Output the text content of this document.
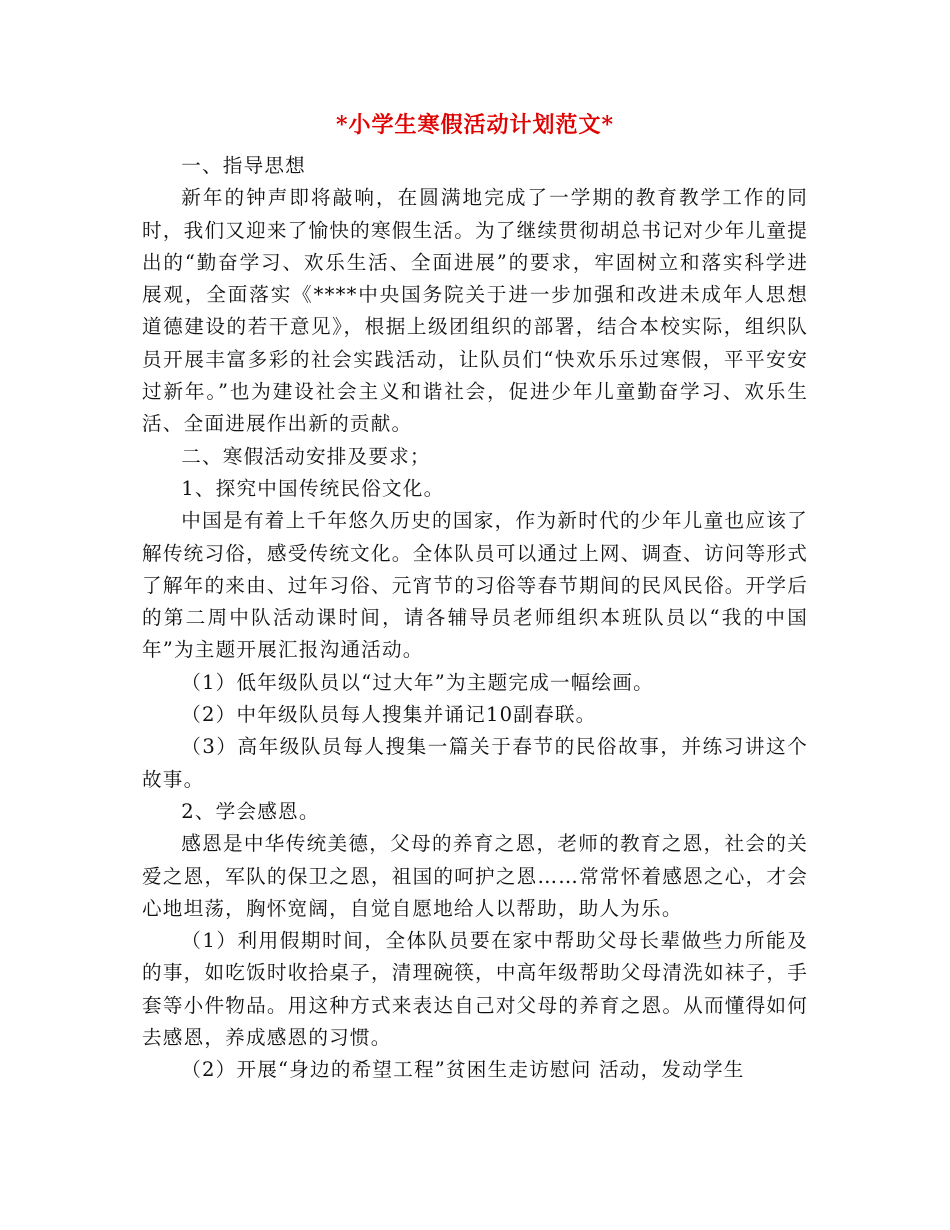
*小学生寒假活动计划范文*

一、指导思想

新年的钟声即将敲响，在圆满地完成了一学期的教育教学工作的同时，我们又迎来了愉快的寒假生活。为了继续贯彻胡总书记对少年儿童提出的“勤奋学习、欢乐生活、全面进展”的要求，牢固树立和落实科学进展观，全面落实《****中央国务院关于进一步加强和改进未成年人思想道德建设的若干意见》，根据上级团组织的部署，结合本校实际，组织队员开展丰富多彩的社会实践活动，让队员们“快欢乐乐过寒假，平平安安过新年。”也为建设社会主义和谐社会，促进少年儿童勤奋学习、欢乐生活、全面进展作出新的贡献。

二、寒假活动安排及要求；

1、探究中国传统民俗文化。

中国是有着上千年悠久历史的国家，作为新时代的少年儿童也应该了解传统习俗，感受传统文化。全体队员可以通过上网、调查、访问等形式了解年的来由、过年习俗、元宵节的习俗等春节期间的民风民俗。开学后的第二周中队活动课时间，请各辅导员老师组织本班队员以“我的中国年”为主题开展汇报沟通活动。

（1）低年级队员以“过大年”为主题完成一幅绘画。

（2）中年级队员每人搜集并诵记10副春联。

（3）高年级队员每人搜集一篇关于春节的民俗故事，并练习讲这个故事。

2、学会感恩。

感恩是中华传统美德，父母的养育之恩，老师的教育之恩，社会的关爱之恩，军队的保卫之恩，祖国的呵护之恩……常常怀着感恩之心，才会心地坦荡，胸怀宽阔，自觉自愿地给人以帮助，助人为乐。

（1）利用假期时间，全体队员要在家中帮助父母长辈做些力所能及的事，如吃饭时收拾桌子，清理碗筷，中高年级帮助父母清洗如袜子，手套等小件物品。用这种方式来表达自己对父母的养育之恩。从而懂得如何去感恩，养成感恩的习惯。

（2）开展“身边的希望工程”贫困生走访慰问 活动，发动学生
